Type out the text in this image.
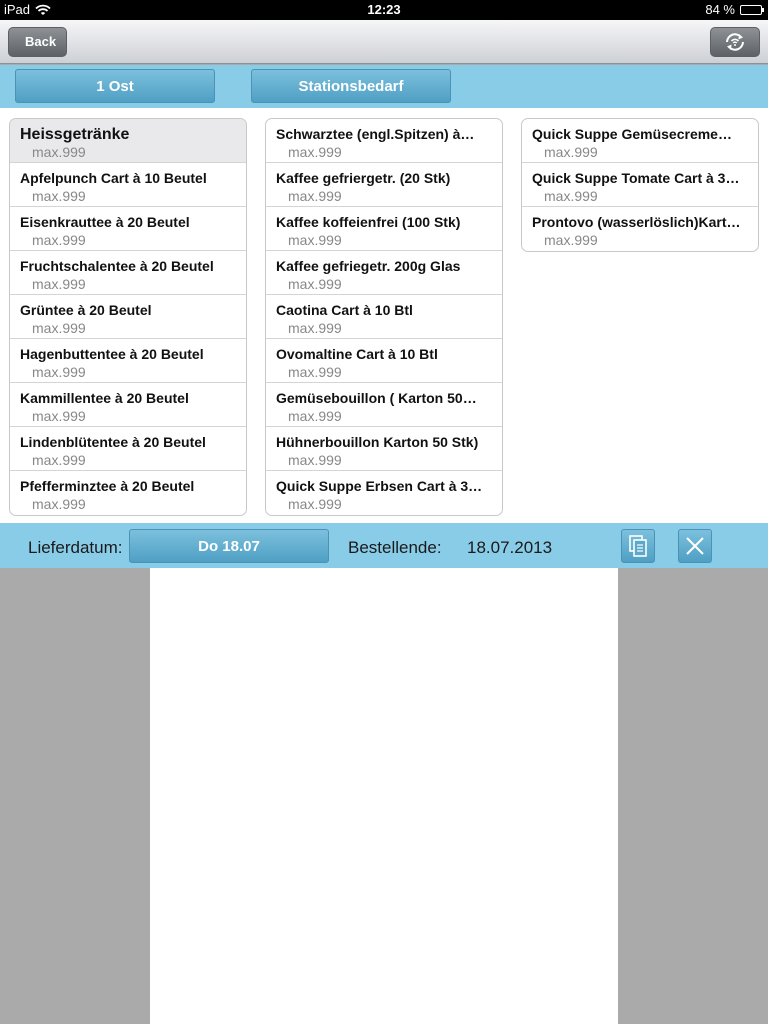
iPad	12:23	84 %
Back
1 Ost	Stationsbedarf
Heissgetränke
max.999
Apfelpunch Cart à 10 Beutel
max.999
Eisenkrauttee à 20 Beutel
max.999
Fruchtschalentee à 20 Beutel
max.999
Grüntee à 20 Beutel
max.999
Hagenbuttentee à 20 Beutel
max.999
Kammillentee à 20 Beutel
max.999
Lindenblütentee à 20 Beutel
max.999
Pfefferminztee à 20 Beutel
max.999
Schwarztee (engl.Spitzen) à…
max.999
Kaffee gefriergetr. (20 Stk)
max.999
Kaffee koffeienfrei (100 Stk)
max.999
Kaffee gefriegetr. 200g Glas
max.999
Caotina Cart à 10 Btl
max.999
Ovomaltine Cart à 10 Btl
max.999
Gemüsebouillon ( Karton 50…
max.999
Hühnerbouillon Karton 50 Stk)
max.999
Quick Suppe Erbsen Cart à 3…
max.999
Quick Suppe Gemüsecreme…
max.999
Quick Suppe Tomate Cart à 3…
max.999
Prontovo (wasserlöslich)Kart…
max.999
Lieferdatum:	Do 18.07	Bestellende: 18.07.2013
